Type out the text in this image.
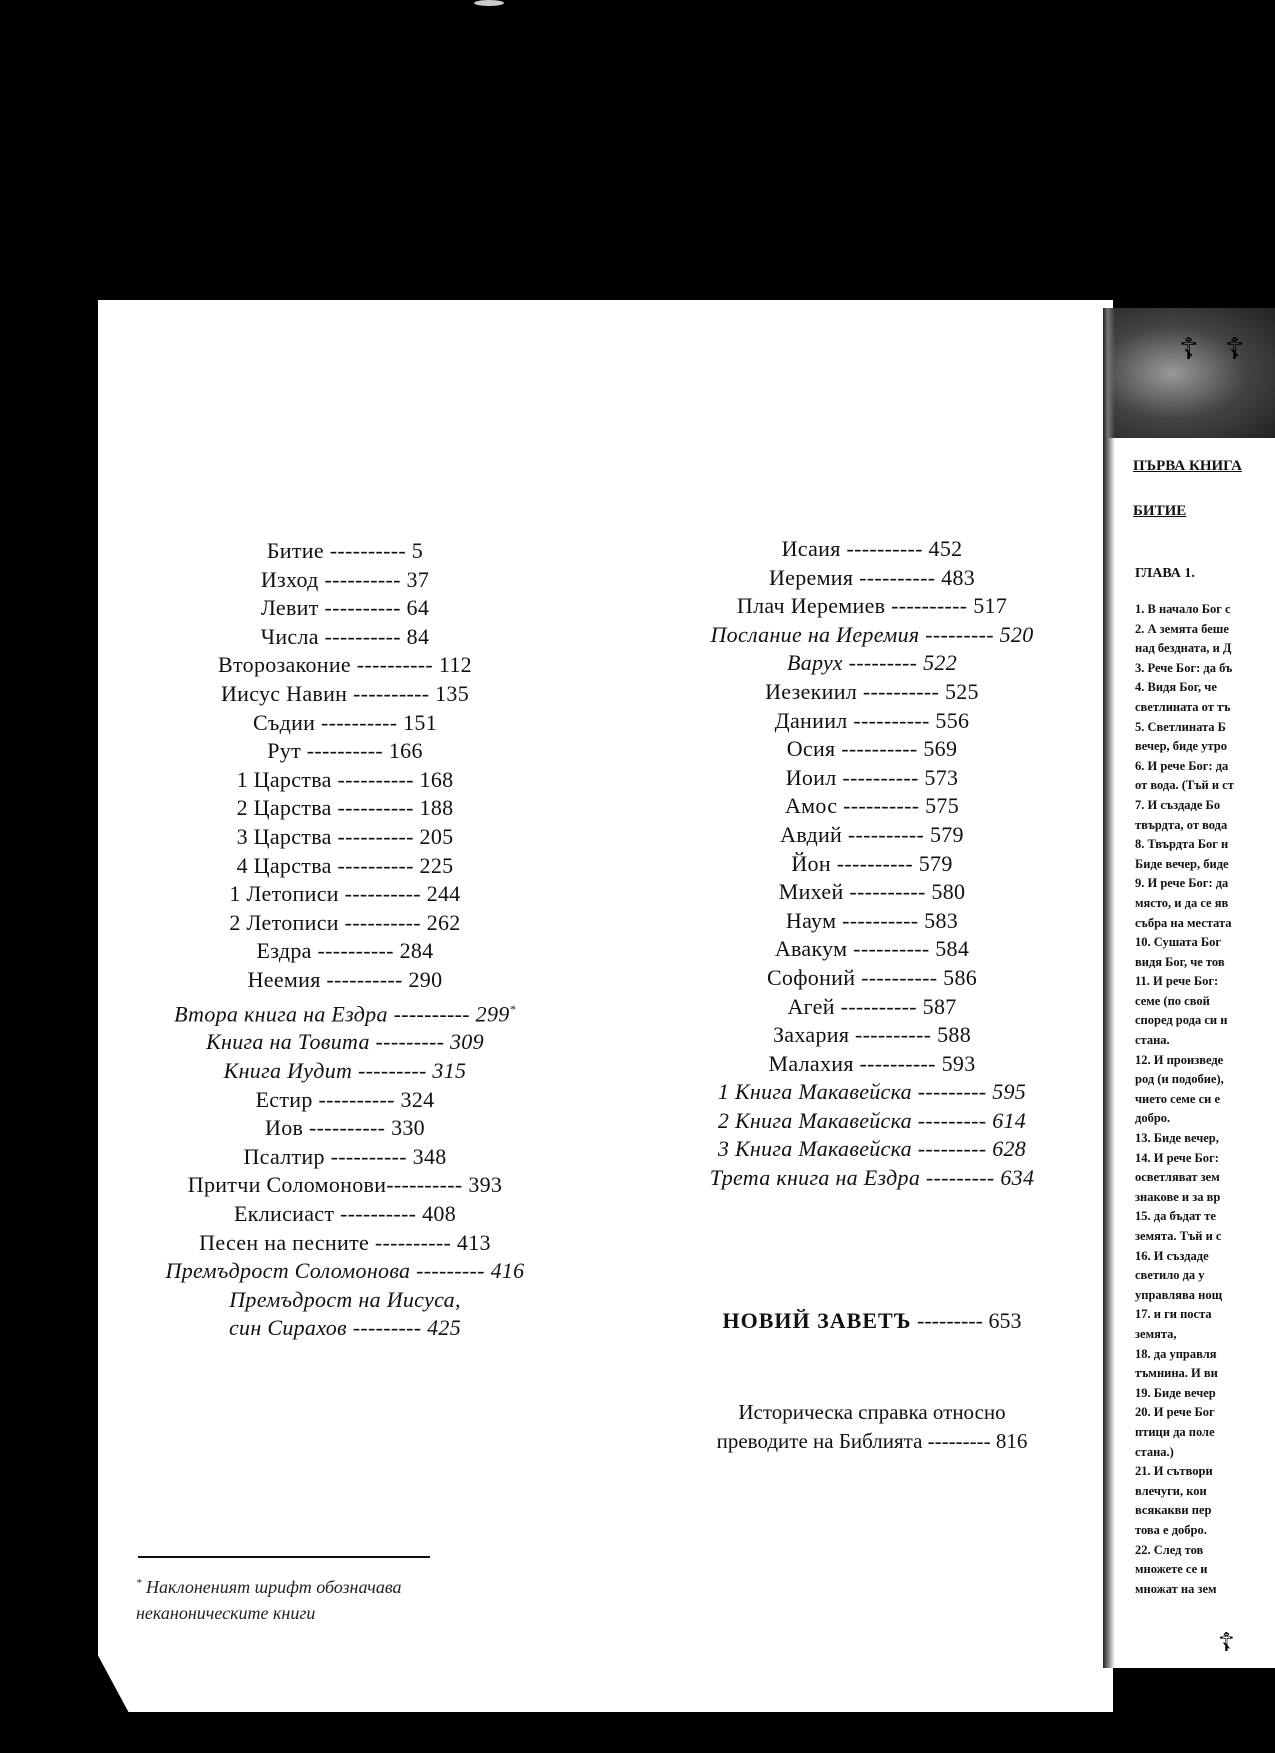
Битие ---------- 5
Изход ---------- 37
Левит ---------- 64
Числа ---------- 84
Второзаконие ---------- 112
Иисус Навин ---------- 135
Съдии ---------- 151
Рут ---------- 166
1 Царства ---------- 168
2 Царства ---------- 188
3 Царства ---------- 205
4 Царства ---------- 225
1 Летописи ---------- 244
2 Летописи ---------- 262
Ездра ---------- 284
Неемия ---------- 290
Втора книга на Ездра ---------- 299*
Книга на Товита --------- 309
Книга Иудит --------- 315
Естир ---------- 324
Иов ---------- 330
Псалтир ---------- 348
Притчи Соломонови---------- 393
Еклисиаст ---------- 408
Песен на песните ---------- 413
Премъдрост Соломонова --------- 416
Премъдрост на Иисуса,
син Сирахов --------- 425
Исаия ---------- 452
Иеремия ---------- 483
Плач Иеремиев ---------- 517
Послание на Иеремия --------- 520
Варух --------- 522
Иезекиил ---------- 525
Даниил ---------- 556
Осия ---------- 569
Иоил ---------- 573
Амос ---------- 575
Авдий ---------- 579
Йон ---------- 579
Михей ---------- 580
Наум ---------- 583
Авакум ---------- 584
Софоний ---------- 586
Агей ---------- 587
Захария ---------- 588
Малахия ---------- 593
1 Книга Макавейска --------- 595
2 Книга Макавейска --------- 614
3 Книга Макавейска --------- 628
Трета книга на Ездра --------- 634
НОВИЙ ЗАВЕТЪ --------- 653
Историческа справка относно
преводите на Библията --------- 816
* Наклоненият шрифт обозначава
неканоническите книги
☦ ☦
ПЪРВА КНИГА
БИТИЕ
ГЛАВА 1.
1. В начало Бог с
2. А земята беше
над бездната, и Д
3. Рече Бог: да бъ
4. Видя Бог, че
светлината от тъ
5. Светлината Б
вечер, биде утро
6. И рече Бог: да
от вода. (Тъй и ст
7. И създаде Бо
твърдта, от вода
8. Твърдта Бог н
Биде вечер, биде
9. И рече Бог: да
място, и да се яв
събра на местата
10. Сушата Бог
видя Бог, че тов
11. И рече Бог:
семе (по свой
според рода си н
стана.
12. И произведе
род (и подобие),
чието семе си е
добро.
13. Биде вечер,
14. И рече Бог:
осветляват зем
знакове и за вр
15. да бъдат те
земята. Тъй и с
16. И създаде
светило да у
управлява нощ
17. и ги поста
земята,
18. да управля
тъмнина. И ви
19. Биде вечер
20. И рече Бог
птици да поле
стана.)
21. И сътвори
влечуги, кои
всякакви пер
това е добро.
22. След тов
множете се и
множат на зем
☦
